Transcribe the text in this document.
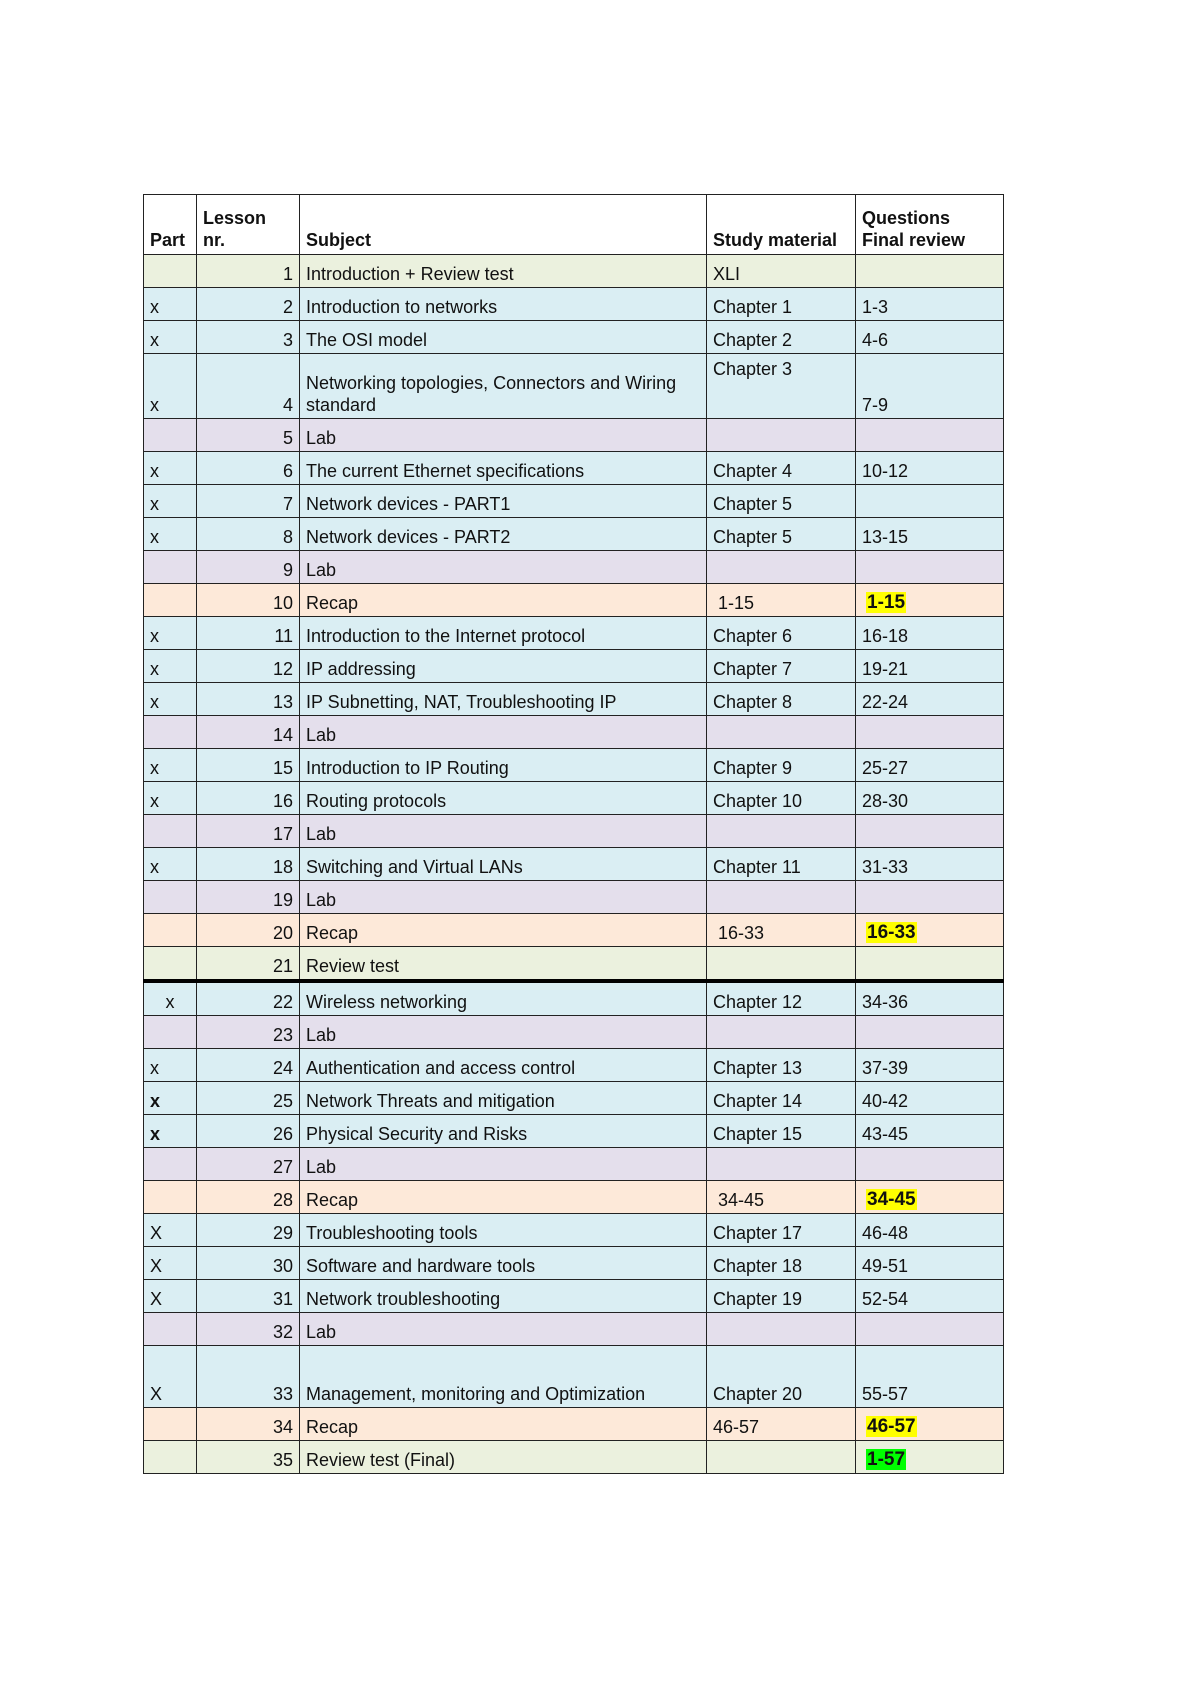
Part	Lesson nr.	Subject	Study material	Questions Final review
	1	Introduction + Review test	XLI	
x	2	Introduction to networks	Chapter 1	1-3
x	3	The OSI model	Chapter 2	4-6
x	4	Networking topologies, Connectors and Wiring standard	Chapter 3	7-9
	5	Lab		
x	6	The current Ethernet specifications	Chapter 4	10-12
x	7	Network devices - PART1	Chapter 5	
x	8	Network devices - PART2	Chapter 5	13-15
	9	Lab		
	10	Recap	1-15	1-15
x	11	Introduction to the Internet protocol	Chapter 6	16-18
x	12	IP addressing	Chapter 7	19-21
x	13	IP Subnetting, NAT, Troubleshooting IP	Chapter 8	22-24
	14	Lab		
x	15	Introduction to IP Routing	Chapter 9	25-27
x	16	Routing protocols	Chapter 10	28-30
	17	Lab		
x	18	Switching and Virtual LANs	Chapter 11	31-33
	19	Lab		
	20	Recap	16-33	16-33
	21	Review test		
x	22	Wireless networking	Chapter 12	34-36
	23	Lab		
x	24	Authentication and access control	Chapter 13	37-39
x	25	Network Threats and mitigation	Chapter 14	40-42
x	26	Physical Security and Risks	Chapter 15	43-45
	27	Lab		
	28	Recap	34-45	34-45
X	29	Troubleshooting tools	Chapter 17	46-48
X	30	Software and hardware tools	Chapter 18	49-51
X	31	Network troubleshooting	Chapter 19	52-54
	32	Lab		
X	33	Management, monitoring and Optimization	Chapter 20	55-57
	34	Recap	46-57	46-57
	35	Review test (Final)		1-57
